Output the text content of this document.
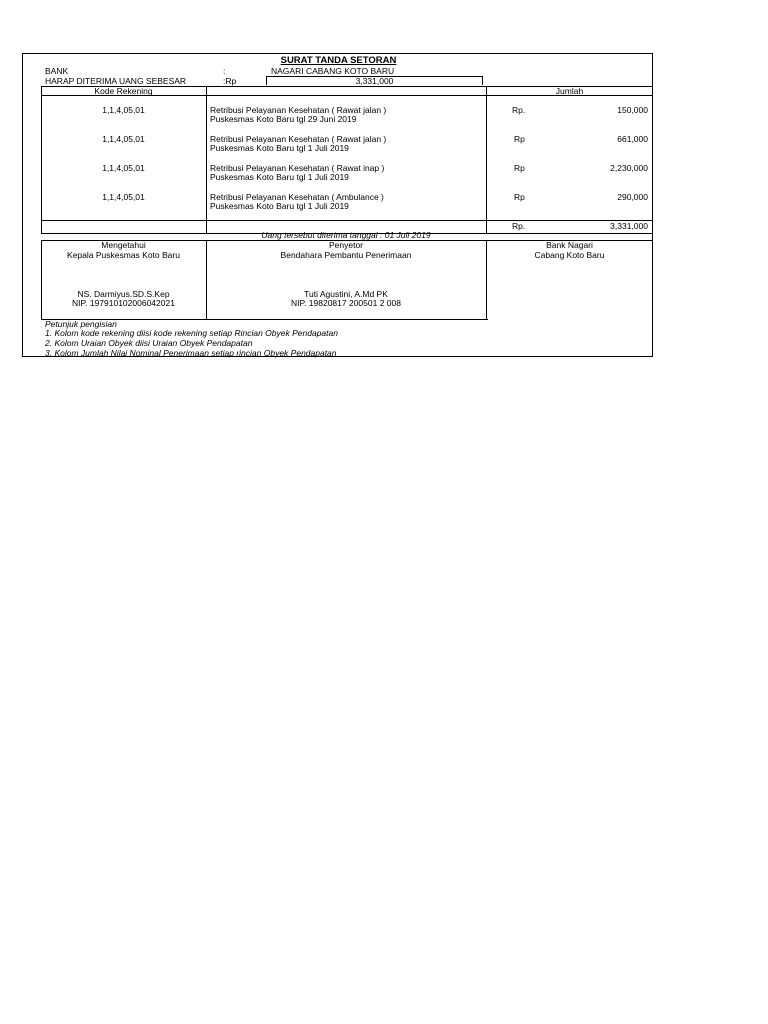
SURAT TANDA SETORAN
BANK	:	NAGARI CABANG KOTO BARU
HARAP DITERIMA UANG SEBESAR	:Rp	3,331,000
Kode Rekening	Jumlah
1,1,4,05,01	Retribusi Pelayanan Kesehatan ( Rawat jalan )
Puskesmas Koto Baru tgl 29 Juni 2019
Rp.	150,000
1,1,4,05,01	Retribusi Pelayanan Kesehatan ( Rawat jalan )
Puskesmas Koto Baru tgl 1 Juli 2019
Rp	661,000
1,1,4,05,01	Retribusi Pelayanan Kesehatan ( Rawat inap )
Puskesmas Koto Baru tgl 1 Juli 2019
Rp	2,230,000
1,1,4,05,01	Retribusi Pelayanan Kesehatan ( Ambulance )
Puskesmas Koto Baru tgl 1 Juli 2019
Rp	290,000
Rp.	3,331,000
Uang tersebut diterima tanggal : 01 Juli 2019
Mengetahui
Kepala Puskesmas Koto Baru
NS. Darmiyus.SD.S.Kep
NIP. 197910102006042021
Penyetor
Bendahara Pembantu Penerimaan
Tuti Agustini, A.Md PK
NIP. 19820817 200501 2 008
Bank Nagari
Cabang Koto Baru
Petunjuk pengisian
1. Kolom kode rekening diisi kode rekening setiap Rincian Obyek Pendapatan
2. Kolom Uraian Obyek diisi Uraian Obyek Pendapatan
3. Kolom Jumlah Nilai Nominal Penerimaan setiap rincian Obyek Pendapatan
